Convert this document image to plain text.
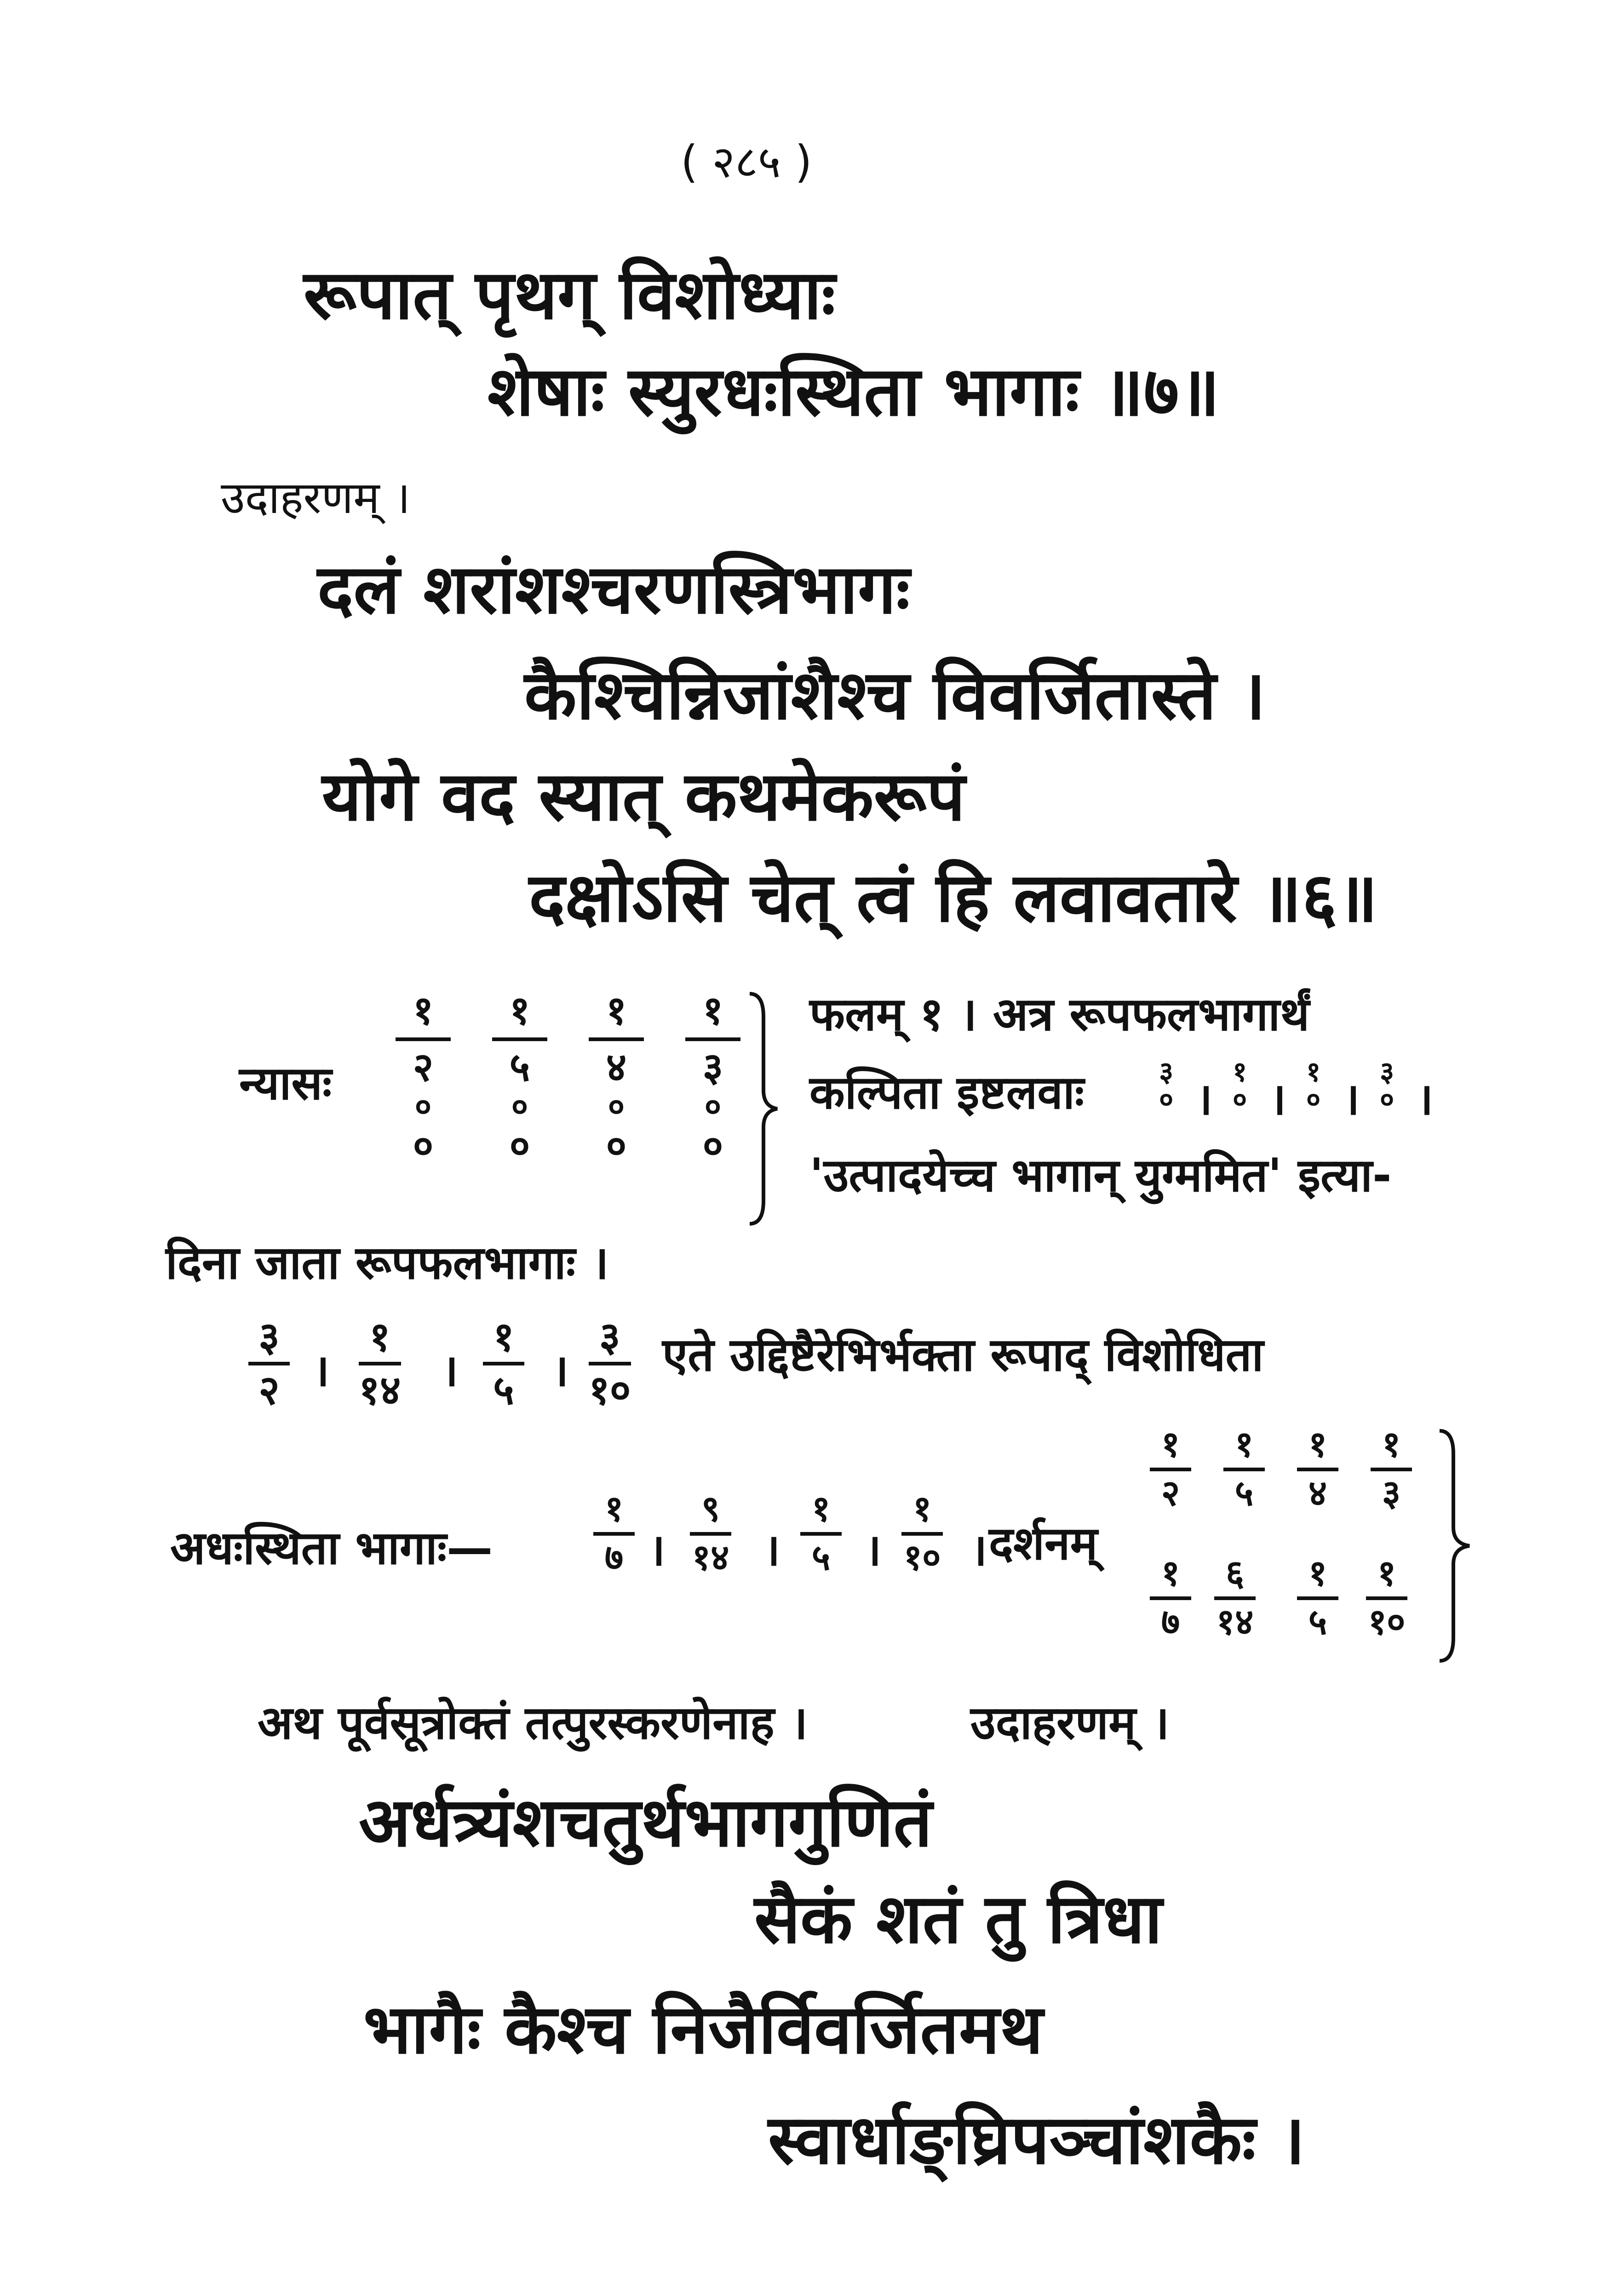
( २८५ )
रूपात् पृथग् विशोध्याः
शेषाः स्युरधःस्थिता भागाः ॥७॥
उदाहरणम् ।
दलं शरांशश्चरणस्त्रिभागः
कैश्चिन्निजांशैश्च विवर्जितास्ते ।
योगे वद स्यात् कथमेकरूपं
दक्षोऽसि चेत् त्वं हि लवावतारे ॥६॥
न्यासः
१
२
०
०
१
५
०
०
१
४
०
०
१
३
०
०
फलम् १ । अत्र रूपफलभागार्थं
कल्पिता इष्टलवाः	३
० ।
१
० ।
१
० ।
३
० ।
'उत्पादयेच्च भागान् युग्ममित' इत्या-
दिना जाता रूपफलभागाः ।
३
२ ।
१
१४ ।
१
५ ।
३
१०
एते उद्दिष्टैरेभिर्भक्ता रूपाद् विशोधिता
अधःस्थिता भागाः—
१
७ ।
९
१४ ।
१
५ ।
१
१० । दर्शनम्
१
२
१
५
१
४
१
३
१
७
६
१४
१
५
१
१०
अथ पूर्वसूत्रोक्तं तत्पुरस्करणेनाह ।	उदाहरणम् ।
अर्धत्र्यंशचतुर्थभागगुणितं
सैकं शतं तु त्रिधा
भागैः कैश्च निजैर्विवर्जितमथ
स्वार्धाङ्घ्रिपञ्चांशकैः ।
